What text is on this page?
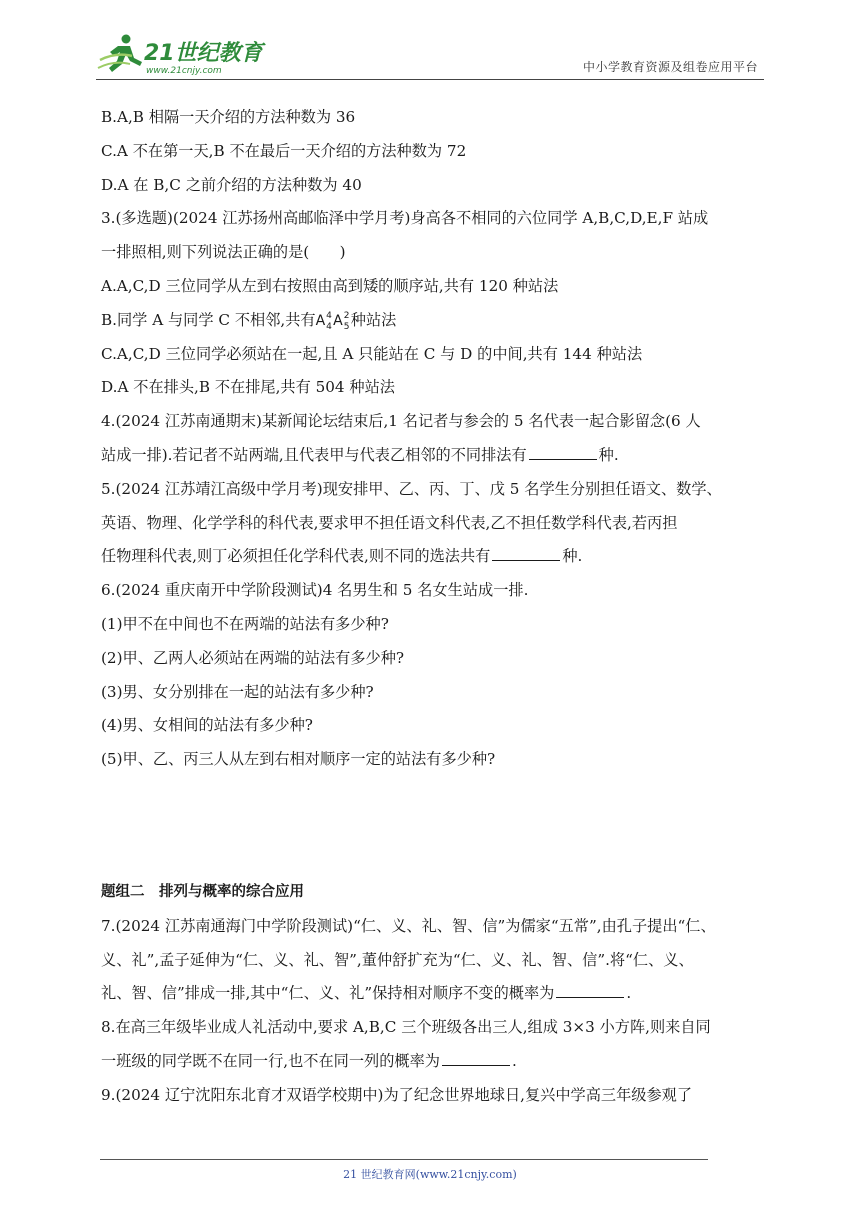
21世纪教育
www.21cnjy.com	中小学教育资源及组卷应用平台
B.A,B 相隔一天介绍的方法种数为 36
C.A 不在第一天,B 不在最后一天介绍的方法种数为 72
D.A 在 B,C 之前介绍的方法种数为 40
3.(多选题)(2024 江苏扬州高邮临泽中学月考)身高各不相同的六位同学 A,B,C,D,E,F 站成
一排照相,则下列说法正确的是(　　)
A.A,C,D 三位同学从左到右按照由高到矮的顺序站,共有 120 种站法
B.同学 A 与同学 C 不相邻,共有A 4
4 A 2
5 种站法
C.A,C,D 三位同学必须站在一起,且 A 只能站在 C 与 D 的中间,共有 144 种站法
D.A 不在排头,B 不在排尾,共有 504 种站法
4.(2024 江苏南通期末)某新闻论坛结束后,1 名记者与参会的 5 名代表一起合影留念(6 人
站成一排).若记者不站两端,且代表甲与代表乙相邻的不同排法有	种.
5.(2024 江苏靖江高级中学月考)现安排甲、乙、丙、丁、戊 5 名学生分别担任语文、数学、
英语、物理、化学学科的科代表,要求甲不担任语文科代表,乙不担任数学科代表,若丙担
任物理科代表,则丁必须担任化学科代表,则不同的选法共有	种.
6.(2024 重庆南开中学阶段测试)4 名男生和 5 名女生站成一排.
(1)甲不在中间也不在两端的站法有多少种?
(2)甲、乙两人必须站在两端的站法有多少种?
(3)男、女分别排在一起的站法有多少种?
(4)男、女相间的站法有多少种?
(5)甲、乙、丙三人从左到右相对顺序一定的站法有多少种?
题组二　排列与概率的综合应用
7.(2024 江苏南通海门中学阶段测试)“仁、义、礼、智、信”为儒家“五常”,由孔子提出“仁、
义、礼”,孟子延伸为“仁、义、礼、智”,董仲舒扩充为“仁、义、礼、智、信”.将“仁、义、
礼、智、信”排成一排,其中“仁、义、礼”保持相对顺序不变的概率为	.
8.在高三年级毕业成人礼活动中,要求 A,B,C 三个班级各出三人,组成 3×3 小方阵,则来自同
一班级的同学既不在同一行,也不在同一列的概率为	.
9.(2024 辽宁沈阳东北育才双语学校期中)为了纪念世界地球日,复兴中学高三年级参观了
21 世纪教育网(www.21cnjy.com)
